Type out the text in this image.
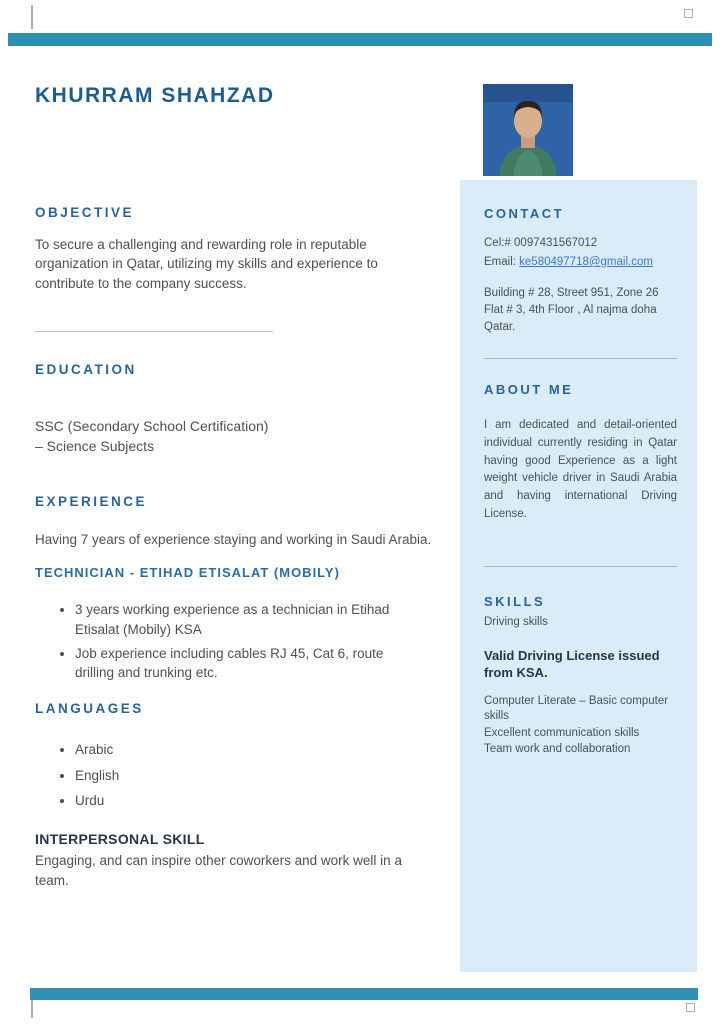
KHURRAM SHAHZAD
OBJECTIVE

To secure a challenging and rewarding role in reputable organization in Qatar, utilizing my skills and experience to contribute to the company success.

EDUCATION

SSC (Secondary School Certification) – Science Subjects

EXPERIENCE

Having 7 years of experience staying and working in Saudi Arabia.

TECHNICIAN - ETIHAD ETISALAT (MOBILY)
• 3 years working experience as a technician in Etihad Etisalat (Mobily) KSA
• Job experience including cables RJ 45, Cat 6, route drilling and trunking etc.
LANGUAGES
• Arabic
• English
• Urdu
INTERPERSONAL SKILL

Engaging, and can inspire other coworkers and work well in a team.

CONTACT
Cel:# 0097431567012
Email: ke580497718@gmail.com
Building # 28, Street 951, Zone 26 Flat # 3, 4th Floor , Al najma doha Qatar.
ABOUT ME

I am dedicated and detail-oriented individual currently residing in Qatar having good Experience as a light weight vehicle driver in Saudi Arabia and having international Driving License.

SKILLS
Driving skills
Valid Driving License issued from KSA.
Computer Literate – Basic computer skills
Excellent communication skills
Team work and collaboration
